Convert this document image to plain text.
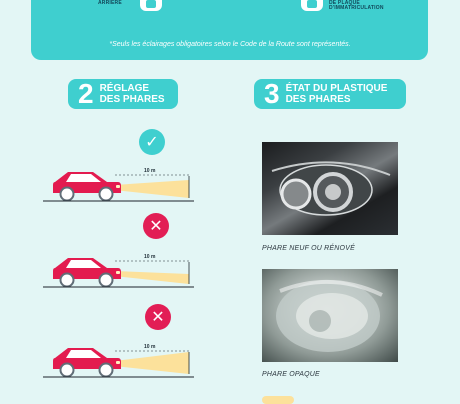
ARRIÈRE	DE PLAQUE
D'IMMATRICULATION
*Seuls les éclairages obligatoires selon le Code de la Route sont représentés.
2 RÉGLAGE
DES PHARES	3 ÉTAT DU PLASTIQUE
DES PHARES
✓
✕
✕
10 m
10 m
10 m
PHARE NEUF OU RÉNOVÉ
PHARE OPAQUE
